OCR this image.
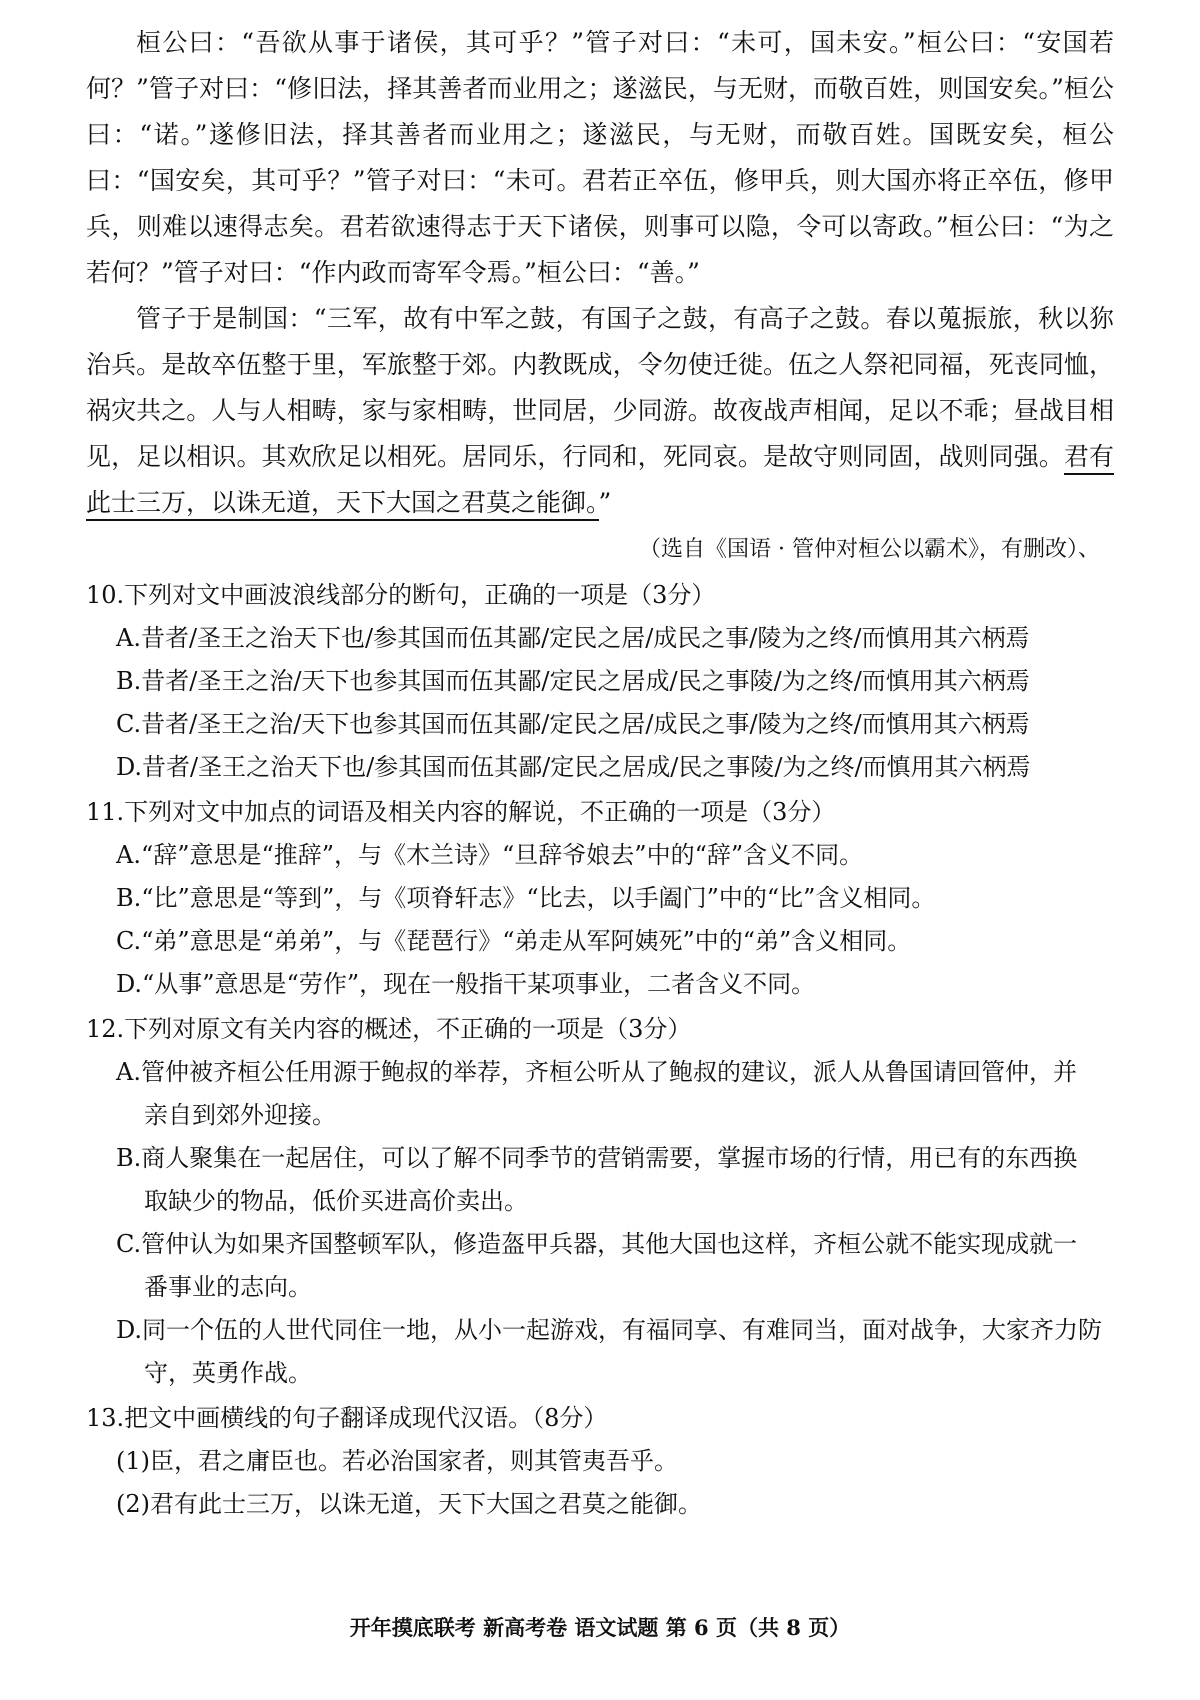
桓公曰：“吾欲从事于诸侯，其可乎？”管子对曰：“未可，国未安。”桓公曰：“安国若何？”管子对曰：“修旧法，择其善者而业用之；遂滋民，与无财，而敬百姓，则国安矣。”桓公曰：“诺。”遂修旧法，择其善者而业用之；遂滋民，与无财，而敬百姓。国既安矣，桓公曰：“国安矣，其可乎？”管子对曰：“未可。君若正卒伍，修甲兵，则大国亦将正卒伍，修甲兵，则难以速得志矣。君若欲速得志于天下诸侯，则事可以隐，令可以寄政。”桓公曰：“为之若何？”管子对曰：“作内政而寄军令焉。”桓公曰：“善。”

管子于是制国：“三军，故有中军之鼓，有国子之鼓，有高子之鼓。春以蒐振旅，秋以狝治兵。是故卒伍整于里，军旅整于郊。内教既成，令勿使迁徙。伍之人祭祀同福，死丧同恤，祸灾共之。人与人相畴，家与家相畴，世同居，少同游。故夜战声相闻，足以不乖；昼战目相见，足以相识。其欢欣足以相死。居同乐，行同和，死同哀。是故守则同固，战则同强。君有此士三万，以诛无道，天下大国之君莫之能御。”

（选自《国语 · 管仲对桓公以霸术》，有删改）、

10.下列对文中画波浪线部分的断句，正确的一项是（3分）

A.昔者/圣王之治天下也/参其国而伍其鄙/定民之居/成民之事/陵为之终/而慎用其六柄焉

B.昔者/圣王之治/天下也参其国而伍其鄙/定民之居成/民之事陵/为之终/而慎用其六柄焉

C.昔者/圣王之治/天下也参其国而伍其鄙/定民之居/成民之事/陵为之终/而慎用其六柄焉

D.昔者/圣王之治天下也/参其国而伍其鄙/定民之居成/民之事陵/为之终/而慎用其六柄焉

11.下列对文中加点的词语及相关内容的解说，不正确的一项是（3分）

A.“辞”意思是“推辞”，与《木兰诗》“旦辞爷娘去”中的“辞”含义不同。

B.“比”意思是“等到”，与《项脊轩志》“比去，以手阖门”中的“比”含义相同。

C.“弟”意思是“弟弟”，与《琵琶行》“弟走从军阿姨死”中的“弟”含义相同。

D.“从事”意思是“劳作”，现在一般指干某项事业，二者含义不同。

12.下列对原文有关内容的概述，不正确的一项是（3分）

A.管仲被齐桓公任用源于鲍叔的举荐，齐桓公听从了鲍叔的建议，派人从鲁国请回管仲，并
亲自到郊外迎接。

B.商人聚集在一起居住，可以了解不同季节的营销需要，掌握市场的行情，用已有的东西换
取缺少的物品，低价买进高价卖出。

C.管仲认为如果齐国整顿军队，修造盔甲兵器，其他大国也这样，齐桓公就不能实现成就一
番事业的志向。

D.同一个伍的人世代同住一地，从小一起游戏，有福同享、有难同当，面对战争，大家齐力防
守，英勇作战。

13.把文中画横线的句子翻译成现代汉语。（8分）

(1)臣，君之庸臣也。若必治国家者，则其管夷吾乎。

(2)君有此士三万，以诛无道，天下大国之君莫之能御。

开年摸底联考 新高考卷 语文试题 第 6 页（共 8 页）
